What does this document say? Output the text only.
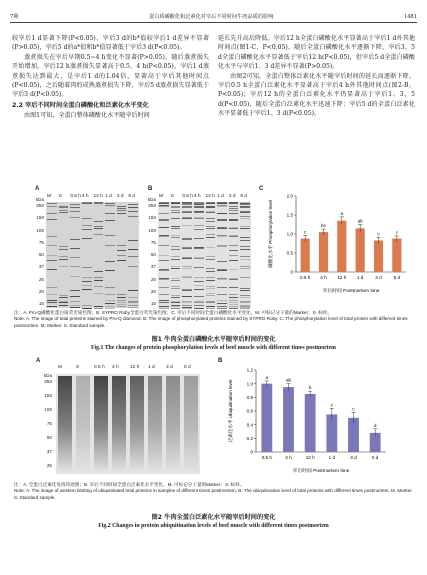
7期	蛋白质磷酸化和泛素化对宰后不同时间牛肉品质的影响	1481

较宰后1 d显著下降(P<0.05)，宰后3 d的b*值较宰后1 d差异不显著(P>0.05)，宰后5 d的a*值和b*值显著低于宰后3 d(P<0.05)。

蒸煮损失在宰后早期0.5~4 h变化不显著(P>0.05)，随后蒸煮损失开始增加，宰后12 h蒸煮损失显著高于0.5、4 h(P<0.05)，宰后1 d蒸煮损失达到最大，是宰后1 d的1.04倍，显著高于宰后其他时间点(P<0.05)，之后随着肉的成熟蒸煮损失下降，宰后5 d蒸煮损失显著低于宰后3 d(P<0.05)。

2.2 宰后不同时间全蛋白磷酸化和泛素化水平变化

由图1可知，全蛋白整体磷酸化水平随宰后时间

延长先升高后降低。宰后12 h全蛋白磷酸化水平显著高于宰后1 d外其他时间点(图1-C，P<0.05)，随后全蛋白磷酸化水平逐渐下降，宰后3、5 d全蛋白磷酸化水平显著低于宰后12 h(P<0.05)，但宰后5 d全蛋白磷酸化水平与宰后1、3 d差异不显著(P>0.05)。

由图2可知，全蛋白整体泛素化水平随宰后时间的延长而逐渐下降。宰后0.5 h全蛋白泛素化水平显著高于宰后4 h外其他时间点(图2-B，P<0.05)；宰后12 h的全蛋白泛素化水平仍显著高于宰后1、3、5 d(P<0.05)，随后全蛋白泛素化水平迅速下降；宰后5 d的全蛋白泛素化水平显著低于宰后1、3 d(P<0.05)。

A	B	C
kDa
250
150
100
75
50
37
25
20
15
kDa
250
150
100
75
50
37
25
20
15
M S 0.5 h 4 h 12 h 1 d 3 d 5 d	M S 0.5 h 4 h 12 h 1 d 3 d 5 d
0
0.5
1.0
1.5
2.0
c
0.5 h
bc
4 h
a
12 h
ab
1 d
c
3 d
c
5 d
宰后时间 Postmortem time
磷酸化水平 Phosphorylation level
注：A. Pro-Q磷酸化蛋白质荧光染色图；B. SYPRO Ruby全蛋白荧光染色图；C. 宰后不同时间全蛋白磷酸化水平变化。M. 可标记分子量的Marker；S. 标样。
Note: A. The image of total proteins stained by Pro-Q diamond. B. The image of phosphorylated proteins stained by SYPRO Ruby. C. The phosphorylation level of total protein with different times postmortem. M. Marker. S. Standard sample.
图1 牛肉全蛋白磷酸化水平随宰后时间的变化
Fig.1 The changes of protein phosphorylation levels of beef muscle with different times postmortem
A	B
kDa
250
150
100
75
50
37
25
M	S	0.5 h 4 h 12 h 1 d 3 d 5 d
0
0.2
0.4
0.6
0.8
1.0
1.2
a
0.5 h
ab
4 h
b
12 h
c
1 d
c
3 d
d
5 d
宰后时间 Postmortem time
泛素化水平 Ubiquitination level
注：A. 全蛋白泛素化免疫印迹图；B. 宰后不同时间全蛋白泛素化水平变化。M. 可标记分子量的Marker；S. 标样。
Note: A. The image of western blotting of ubiquitinated total proteins in samples of different times postmortem. B. The ubiquitination level of total proteins with different times postmortem. M. Marker. S. Standard sample.
图2 牛肉全蛋白泛素化水平随宰后时间的变化
Fig.2 Changes in protein ubiquitination levels of beef muscle with different times postmortem
